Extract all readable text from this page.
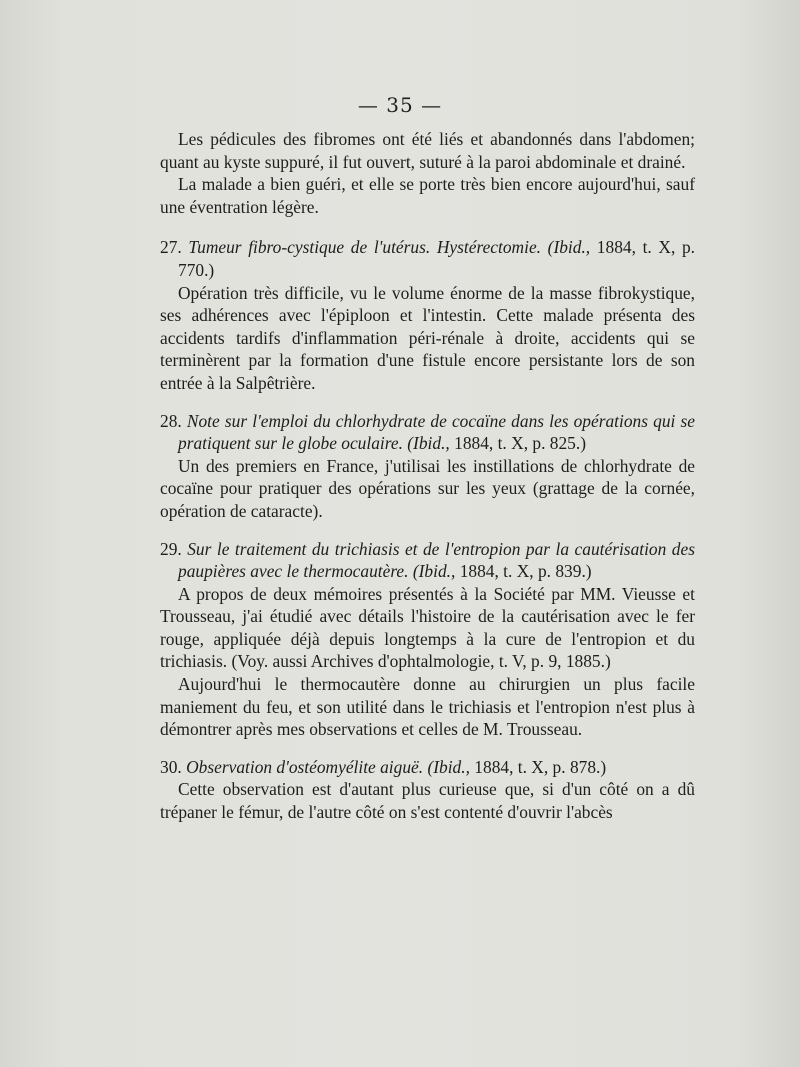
— 35 —

Les pédicules des fibromes ont été liés et abandonnés dans l'abdomen; quant au kyste suppuré, il fut ouvert, suturé à la paroi abdominale et drainé.

La malade a bien guéri, et elle se porte très bien encore aujourd'hui, sauf une éventration légère.

27. Tumeur fibro-cystique de l'utérus. Hystérectomie. (Ibid., 1884, t. X, p. 770.)

Opération très difficile, vu le volume énorme de la masse fibrokystique, ses adhérences avec l'épiploon et l'intestin. Cette malade présenta des accidents tardifs d'inflammation péri-rénale à droite, accidents qui se terminèrent par la formation d'une fistule encore persistante lors de son entrée à la Salpêtrière.

28. Note sur l'emploi du chlorhydrate de cocaïne dans les opérations qui se pratiquent sur le globe oculaire. (Ibid., 1884, t. X, p. 825.)

Un des premiers en France, j'utilisai les instillations de chlorhydrate de cocaïne pour pratiquer des opérations sur les yeux (grattage de la cornée, opération de cataracte).

29. Sur le traitement du trichiasis et de l'entropion par la cautérisation des paupières avec le thermocautère. (Ibid., 1884, t. X, p. 839.)

A propos de deux mémoires présentés à la Société par MM. Vieusse et Trousseau, j'ai étudié avec détails l'histoire de la cautérisation avec le fer rouge, appliquée déjà depuis longtemps à la cure de l'entropion et du trichiasis. (Voy. aussi Archives d'ophtalmologie, t. V, p. 9, 1885.)

Aujourd'hui le thermocautère donne au chirurgien un plus facile maniement du feu, et son utilité dans le trichiasis et l'entropion n'est plus à démontrer après mes observations et celles de M. Trousseau.

30. Observation d'ostéomyélite aiguë. (Ibid., 1884, t. X, p. 878.)

Cette observation est d'autant plus curieuse que, si d'un côté on a dû trépaner le fémur, de l'autre côté on s'est contenté d'ouvrir l'abcès
